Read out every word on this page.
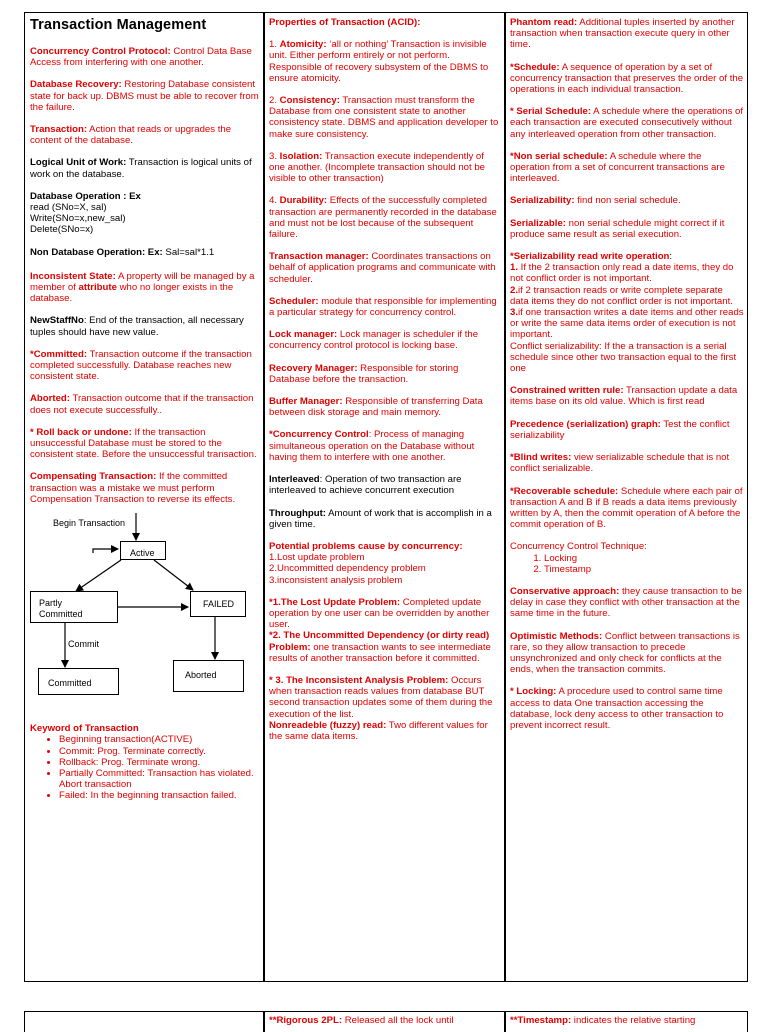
Transaction Management
Concurrency Control Protocol: Control Data Base Access from interfering with one another.
Database Recovery: Restoring Database consistent state for back up. DBMS must be able to recover from the failure.
Transaction: Action that reads or upgrades the content of the database.
Logical Unit of Work: Transaction is logical units of work on the database.
Database Operation : Ex
read (SNo=X, sal)
Write(SNo=x,new_sal)
Delete(SNo=x)
Non Database Operation: Ex: Sal=sal*1.1
Inconsistent State: A property will be managed by a member of attribute who no longer exists in the database.
NewStaffNo: End of the transaction, all necessary tuples should have new value.
*Committed: Transaction outcome if the transaction completed successfully. Database reaches new consistent state.
Aborted: Transaction outcome that if the transaction does not execute successfully..
* Roll back or undone: If the transaction unsuccessful Database must be stored to the consistent state. Before the unsuccessful transaction.
Compensating Transaction: If the committed transaction was a mistake we must perform Compensation Transaction to reverse its effects.
Begin Transaction
Active
Partly Committed
FAILED
Commit
Committed
Aborted
Keyword of Transaction
• Beginning transaction(ACTIVE)
• Commit: Prog. Terminate correctly.
• Rollback: Prog. Terminate wrong.
• Partially Committed: Transaction has violated. Abort transaction
• Failed: In the beginning transaction failed.
Properties of Transaction (ACID):
1. Atomicity: ‘all or nothing’ Transaction is invisible unit. Either perform entirely or not perform. Responsible of recovery subsystem of the DBMS to ensure atomicity.
2. Consistency: Transaction must transform the Database from one consistent state to another consistency state. DBMS and application developer to make sure consistency.
3. Isolation: Transaction execute independently of one another. (Incomplete transaction should not be visible to other transaction)
4. Durability: Effects of the successfully completed transaction are permanently recorded in the database and must not be lost because of the subsequent failure.
Transaction manager: Coordinates transactions on behalf of application programs and communicate with scheduler.
Scheduler: module that responsible for implementing a particular strategy for concurrency control.
Lock manager: Lock manager is scheduler if the concurrency control protocol is locking base.
Recovery Manager: Responsible for storing Database before the transaction.
Buffer Manager: Responsible of transferring Data between disk storage and main memory.
*Concurrency Control: Process of managing simultaneous operation on the Database without having them to interfere with one another.
Interleaved: Operation of two transaction are interleaved to achieve concurrent execution
Throughput: Amount of work that is accomplish in a given time.
Potential problems cause by concurrency:
1.Lost update problem
2.Uncommitted dependency problem
3.inconsistent analysis problem
*1.The Lost Update Problem: Completed update operation by one user can be overridden by another user.
*2. The Uncommitted Dependency (or dirty read) Problem: one transaction wants to see intermediate results of another transaction before it committed.
* 3. The Inconsistent Analysis Problem: Occurs when transaction reads values from database BUT second transaction updates some of them during the execution of the list.
Nonreadeble (fuzzy) read: Two different values for the same data items.
Phantom read: Additional tuples inserted by another transaction when transaction execute query in other time.
*Schedule: A sequence of operation by a set of concurrency transaction that preserves the order of the operations in each individual transaction.
* Serial Schedule: A schedule where the operations of each transaction are executed consecutively without any interleaved operation from other transaction.
*Non serial schedule: A schedule where the operation from a set of concurrent transactions are interleaved.
Serializability: find non serial schedule.
Serializable: non serial schedule might correct if it produce same result as serial execution.
*Serializability read write operation:
1. If the 2 transaction only read a date items, they do not conflict order is not important.
2.if 2 transaction reads or write complete separate data items they do not conflict order is not important.
3.if one transaction writes a date items and other reads or write the same data items order of execution is not important.
Conflict serializability: If the a transaction is a serial schedule since other two transaction equal to the first one
Constrained written rule: Transaction update a data items base on its old value. Which is first read
Precedence (serialization) graph: Test the conflict serializability
*Blind writes: view serializable schedule that is not conflict serializable.
*Recoverable schedule: Schedule where each pair of transaction A and B if B reads a data items previously written by A, then the commit operation of A before the commit operation of B.
Concurrency Control Technique:
1. Locking
2. Timestamp
Conservative approach: they cause transaction to be delay in case they conflict with other transaction at the same time in the future.
Optimistic Methods: Conflict between transactions is rare, so they allow transaction to precede unsynchronized and only check for conflicts at the ends, when the transaction commits.
* Locking: A procedure used to control same time access to data One transaction accessing the database, lock deny access to other transaction to prevent incorrect result.
**Rigorous 2PL: Released all the lock until	**Timestamp: indicates the relative starting
